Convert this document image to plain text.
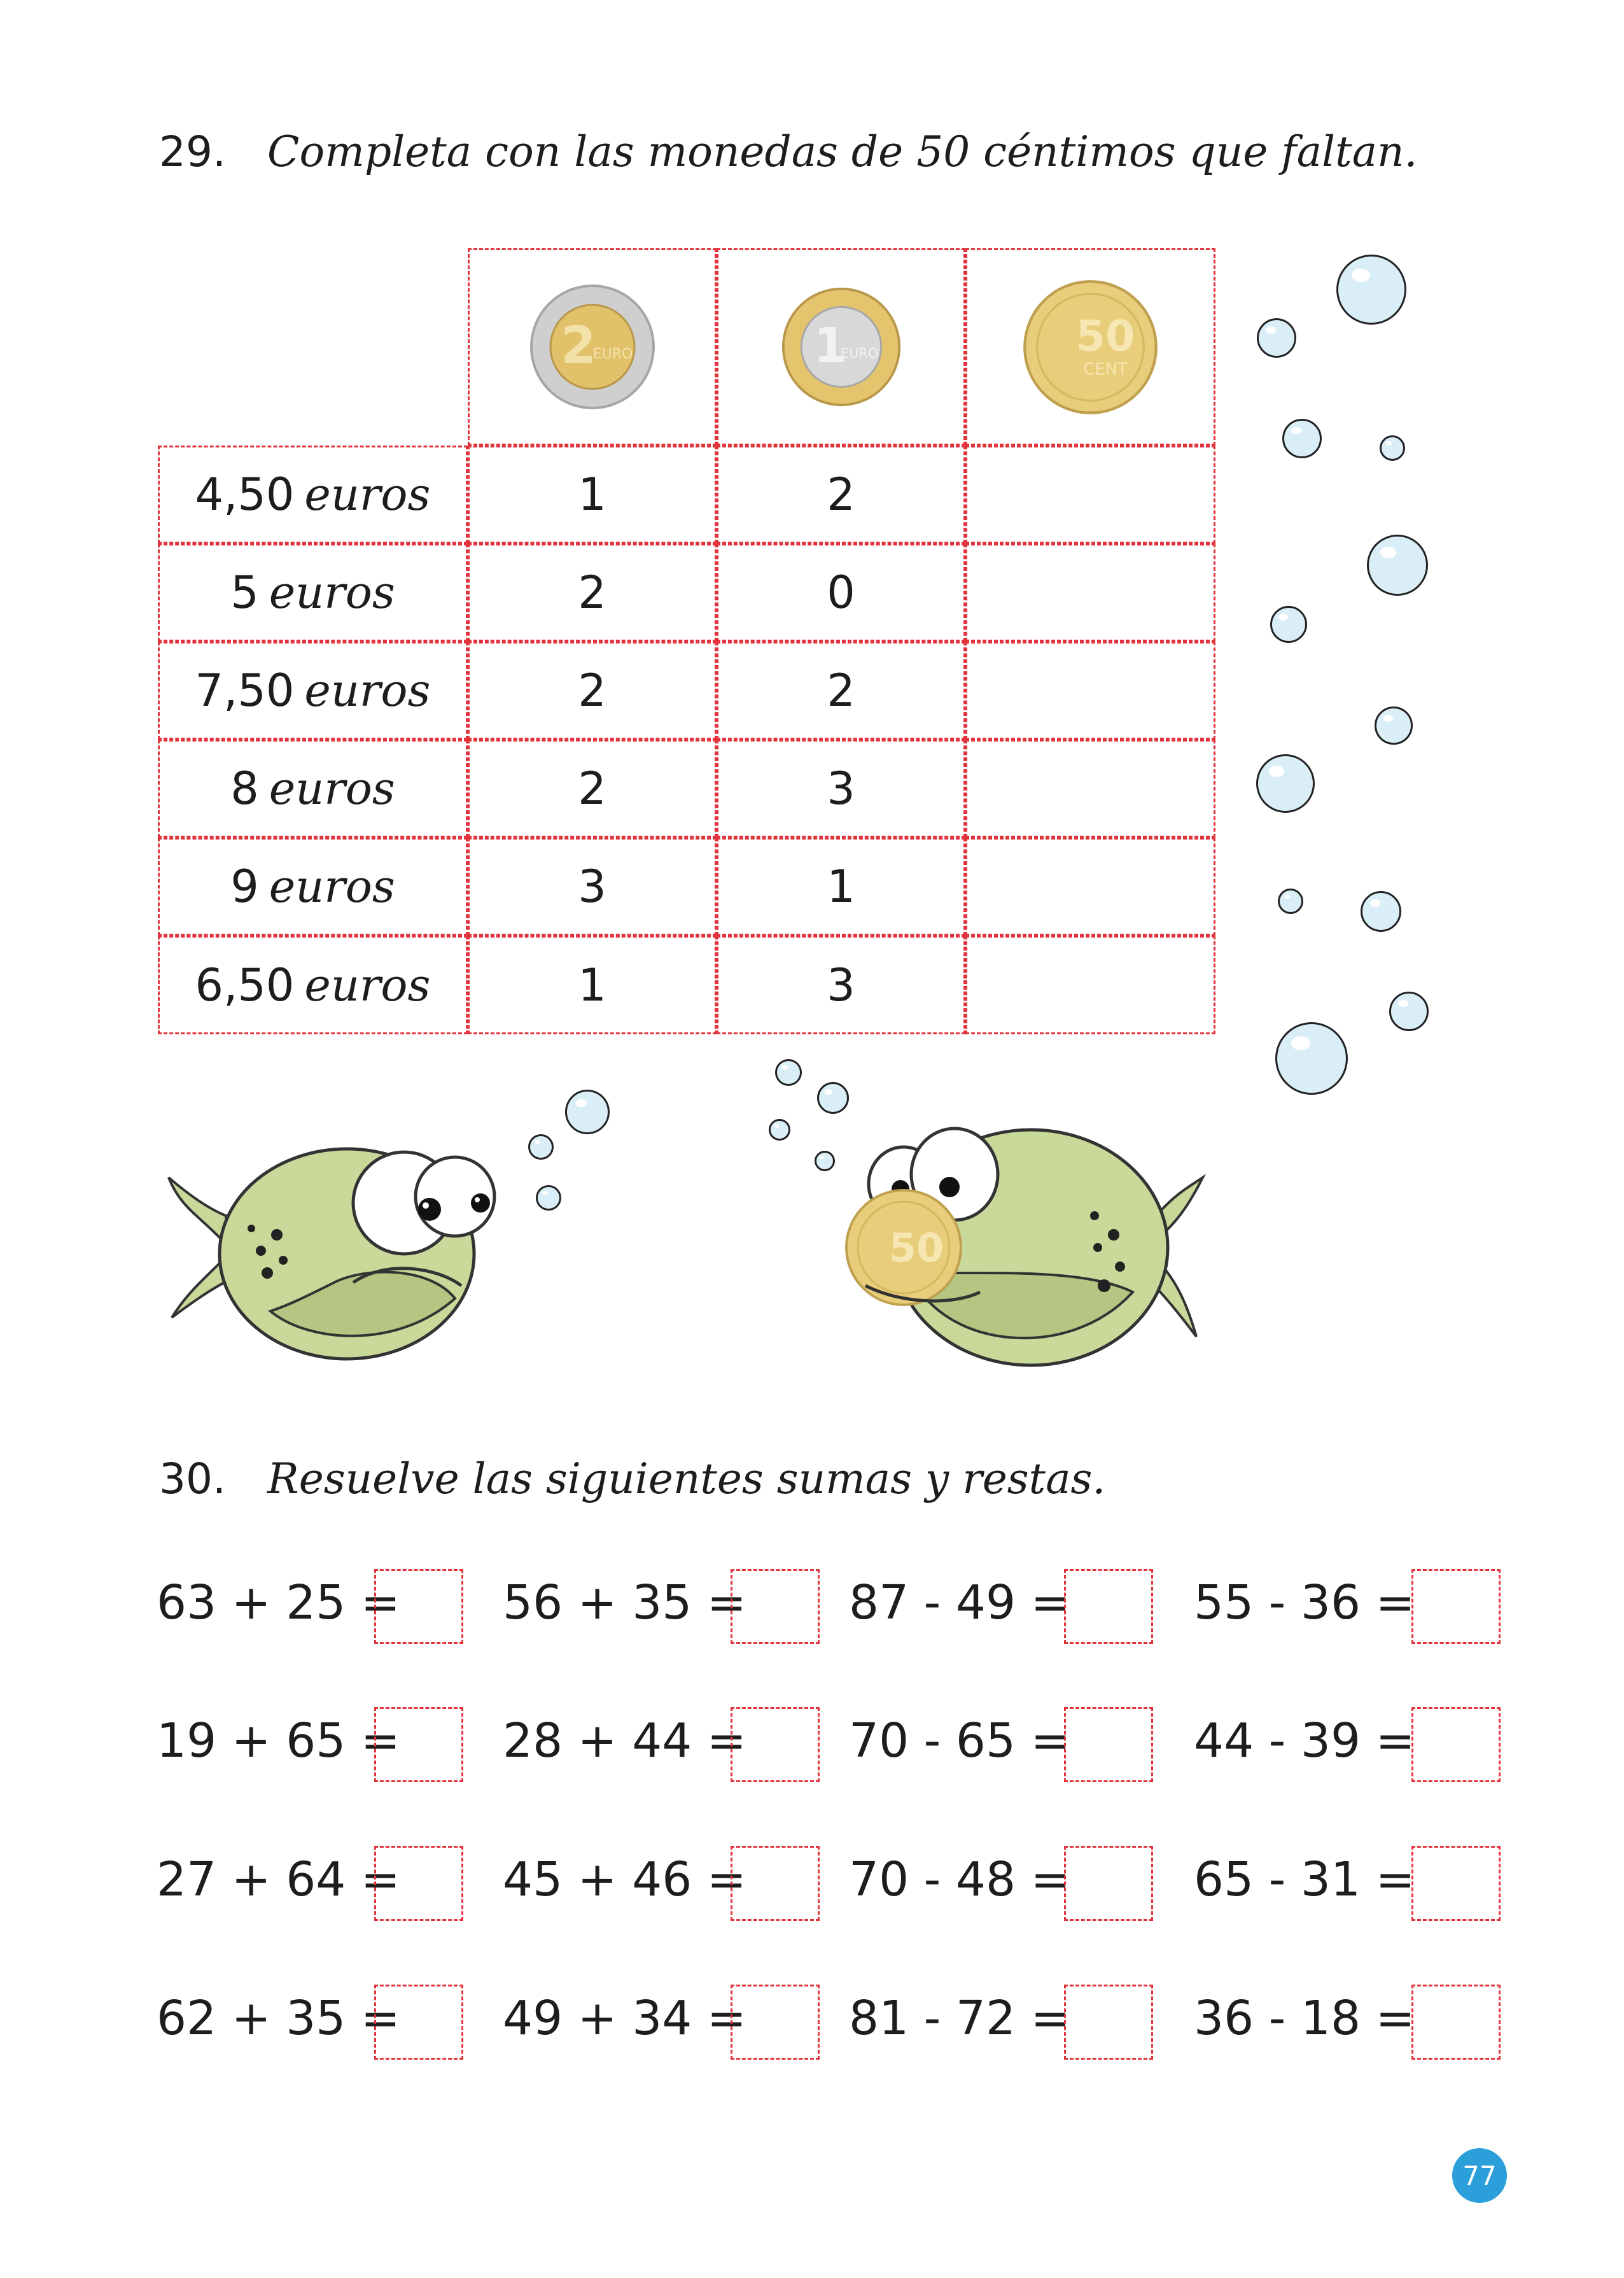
29. Completa con las monedas de 50 céntimos que faltan.
2
EURO	1
EURO	50
CENT
4,50 euros	1	2
5 euros	2	0
7,50 euros	2	2
8 euros	2	3
9 euros	3	1
6,50 euros	1	3
50
30. Resuelve las siguientes sumas y restas.
63 + 25 = 56 + 35 = 87 - 49 =	55 - 36 =
19 + 65 = 28 + 44 = 70 - 65 =	44 - 39 =
27 + 64 = 45 + 46 = 70 - 48 =	65 - 31 =
62 + 35 = 49 + 34 = 81 - 72 =	36 - 18 =
77
